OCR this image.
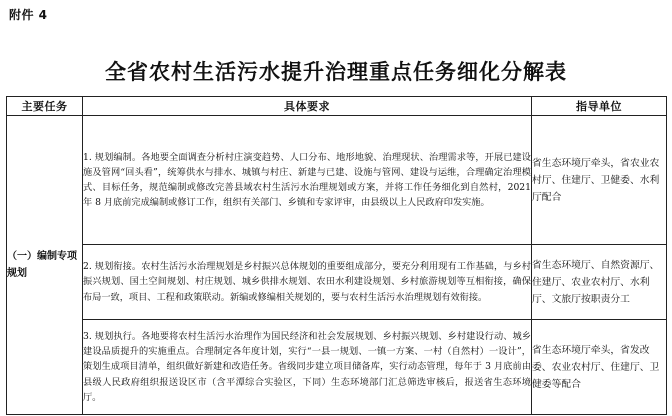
附件 4
全省农村生活污水提升治理重点任务细化分解表
主要任务	具体要求	指导单位
（一）编制专项规划	1. 规划编制。各地要全面调查分析村庄演变趋势、人口分布、地形地貌、治理现状、治理需求等，开展已建设施及管网“回头看”，统筹供水与排水、城镇与村庄、新建与已建、设施与管网、建设与运维，合理确定治理模式、目标任务，规范编制或修改完善县域农村生活污水治理规划或方案，并将工作任务细化到自然村，2021 年 8 月底前完成编制或修订工作，组织有关部门、乡镇和专家评审，由县级以上人民政府印发实施。	省生态环境厅牵头，省农业农村厅、住建厅、卫健委、水利厅配合
	2. 规划衔接。农村生活污水治理规划是乡村振兴总体规划的重要组成部分，要充分利用现有工作基础，与乡村振兴规划、国土空间规划、村庄规划、城乡供排水规划、农田水利建设规划、乡村旅游规划等互相衔接，确保布局一致，项目、工程和政策联动。新编或修编相关规划的，要与农村生活污水治理规划有效衔接。	省生态环境厅、自然资源厅、住建厅、农业农村厅、水利厅、文旅厅按职责分工
	3. 规划执行。各地要将农村生活污水治理作为国民经济和社会发展规划、乡村振兴规划、乡村建设行动、城乡建设品质提升的实施重点。合理制定各年度计划，实行“一县一规划、一镇一方案、一村（自然村）一设计”，策划生成项目清单，组织做好新建和改造任务。省级同步建立项目储备库，实行动态管理，每年于 3 月底前由县级人民政府组织报送设区市（含平潭综合实验区，下同）生态环境部门汇总筛选审核后，报送省生态环境厅。	省生态环境厅牵头，省发改委、农业农村厅、住建厅、卫健委等配合
